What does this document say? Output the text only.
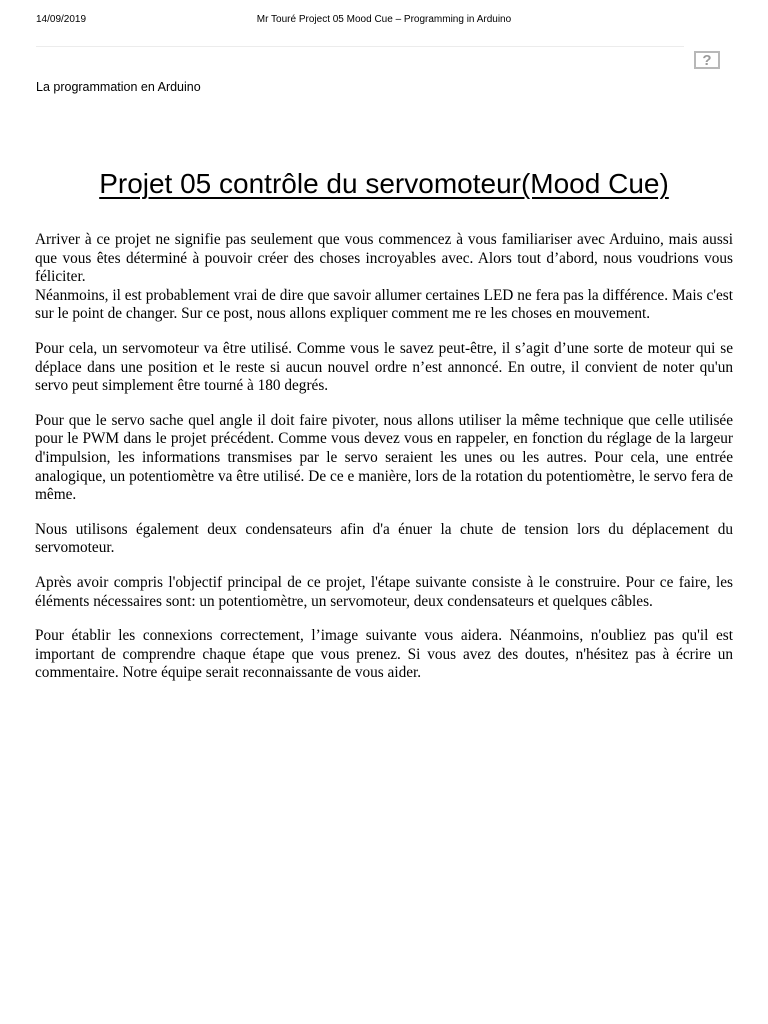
14/09/2019	Mr Touré Project 05 Mood Cue – Programming in Arduino
?
La programmation en Arduino
Projet 05 contrôle du servomoteur(Mood Cue)

Arriver à ce projet ne signifie pas seulement que vous commencez à vous familiariser avec Arduino, mais aussi que vous êtes déterminé à pouvoir créer des choses incroyables avec. Alors tout d’abord, nous voudrions vous féliciter.

Néanmoins, il est probablement vrai de dire que savoir allumer certaines LED ne fera pas la différence. Mais c'est sur le point de changer. Sur ce post, nous allons expliquer comment me re les choses en mouvement.

Pour cela, un servomoteur va être utilisé. Comme vous le savez peut-être, il s’agit d’une sorte de moteur qui se déplace dans une position et le reste si aucun nouvel ordre n’est annoncé. En outre, il convient de noter qu'un servo peut simplement être tourné à 180 degrés.

Pour que le servo sache quel angle il doit faire pivoter, nous allons utiliser la même technique que celle utilisée pour le PWM dans le projet précédent. Comme vous devez vous en rappeler, en fonction du réglage de la largeur d'impulsion, les informations transmises par le servo seraient les unes ou les autres. Pour cela, une entrée analogique, un potentiomètre va être utilisé. De ce e manière, lors de la rotation du potentiomètre, le servo fera de même.

Nous utilisons également deux condensateurs afin d'a énuer la chute de tension lors du déplacement du servomoteur.

Après avoir compris l'objectif principal de ce projet, l'étape suivante consiste à le construire. Pour ce faire, les éléments nécessaires sont: un potentiomètre, un servomoteur, deux condensateurs et quelques câbles.

Pour établir les connexions correctement, l’image suivante vous aidera. Néanmoins, n'oubliez pas qu'il est important de comprendre chaque étape que vous prenez. Si vous avez des doutes, n'hésitez pas à écrire un commentaire. Notre équipe serait reconnaissante de vous aider.
